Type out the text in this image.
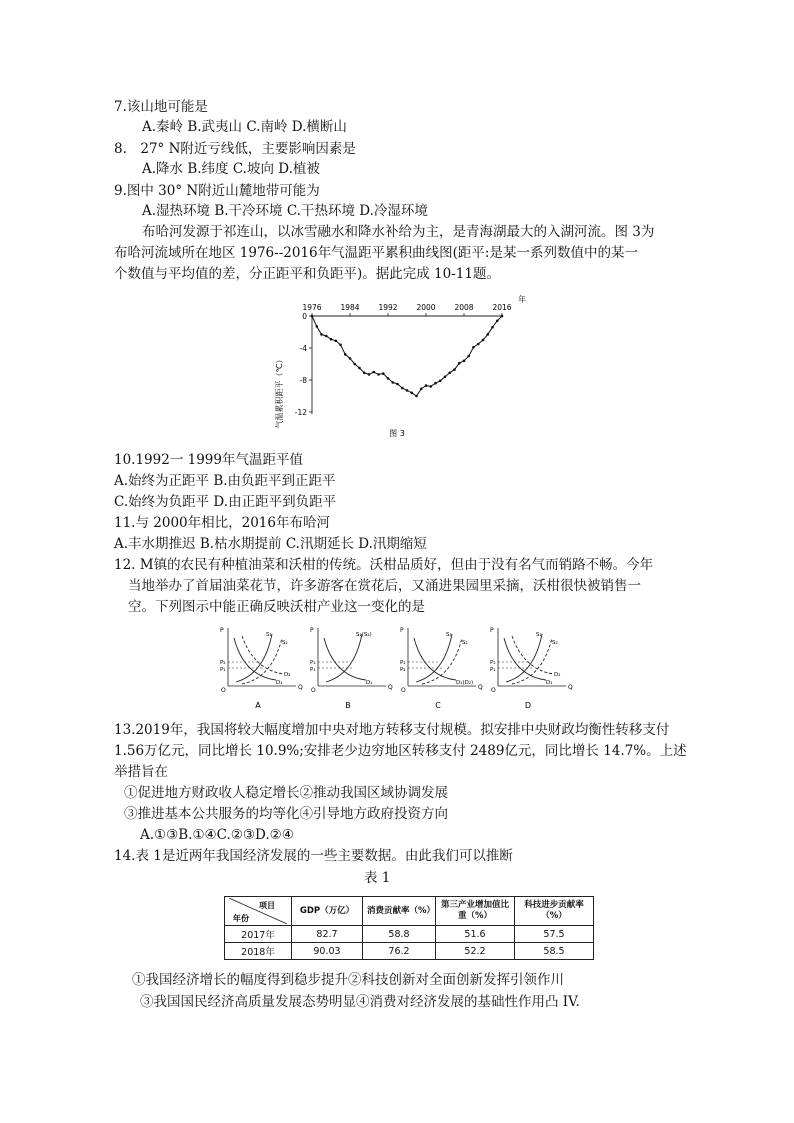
7.该山地可能是
A.秦岭 B.武夷山 C.南岭 D.横断山
8.　27° N附近亏线低，主要影响因素是
A.降水 B.纬度 C.坡向 D.植被
9.图中 30° N附近山麓地带可能为
A.湿热环境 B.干冷环境 C.干热环境 D.冷湿环境
布哈河发源于祁连山，以冰雪融水和降水补给为主，是青海湖最大的入湖河流。图 3为
布哈河流域所在地区 1976--2016年气温距平累积曲线图(距平:是某一系列数值中的某一
个数值与平均值的差，分正距平和负距平)。据此完成 10-11题。
1976	1984	1992	2000	2008	2016
0
-4
-8
-12
年
气温累积距平（℃）
图 3
10.1992一 1999年气温距平值
A.始终为正距平 B.由负距平到正距平
C.始终为负距平 D.由正距平到负距平
11.与 2000年相比，2016年布哈河
A.丰水期推迟 B.枯水期提前 C.汛期延长 D.汛期缩短
12. M镇的农民有种植油菜和沃柑的传统。沃柑品质好，但由于没有名气而销路不畅。今年
当地举办了首届油菜花节，许多游客在赏花后，又涌进果园里采摘，沃柑很快被销售一
空。下列图示中能正确反映沃柑产业这一变化的是
P
Q
O
P₂
P₁
S₁
S₂
D₁
D₂
A
P
Q
O
P₂
P₁
S₁(S₂)
D₁
B
P
Q
O
P₁
P₂
S₁
S₂
D₁(D₂)
C
P
Q
O
P₂
P₁
S₁
S₂
D₁
D₂
D
13.2019年，我国将较大幅度增加中央对地方转移支付规模。拟安排中央财政均衡性转移支付
1.56万亿元，同比增长 10.9%;安排老少边穷地区转移支付 2489亿元，同比增长 14.7%。上述
举措旨在
①促进地方财政收人稳定增长②推动我国区域协调发展
③推进基本公共服务的均等化④引导地方政府投资方向
A.①③B.①④C.②③D.②④
14.表 1是近两年我国经济发展的一些主要数据。由此我们可以推断
表 1
项目
年份	GDP（万亿）	消费贡献率（%）	第三产业增加值比重（%）	科技进步贡献率（%）
2017年	82.7	58.8	51.6	57.5
2018年	90.03	76.2	52.2	58.5
①我国经济增长的幅度得到稳步提升②科技创新对全面创新发挥引领作川
③我国国民经济高质量发展态势明显④消费对经济发展的基础性作用凸 IV.
